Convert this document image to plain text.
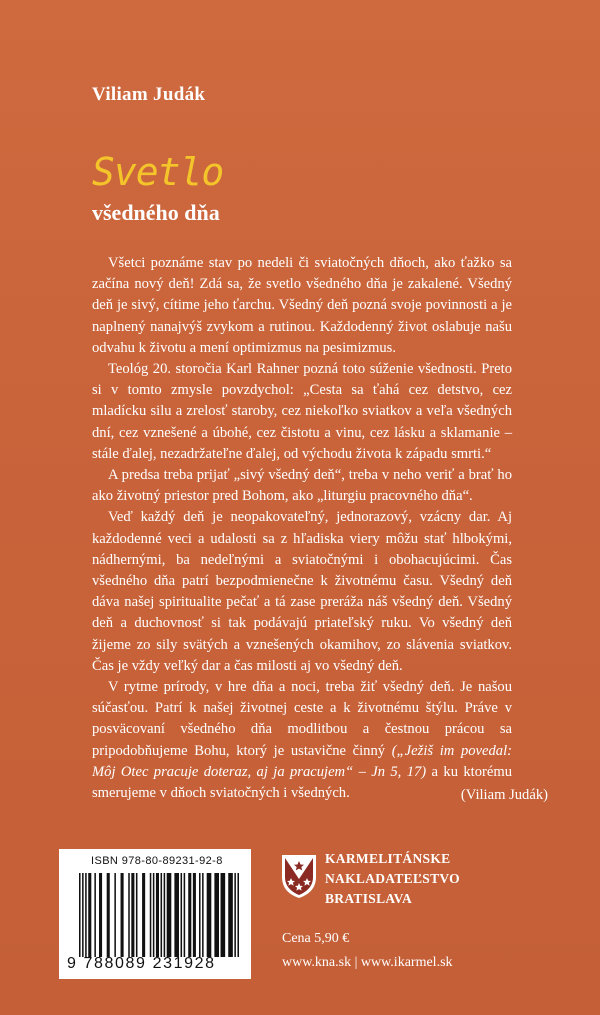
Viliam Judák
Svetlo
všedného dňa

Všetci poznáme stav po nedeli či sviatočných dňoch, ako ťažko sa začína nový deň! Zdá sa, že svetlo všedného dňa je zakalené. Všedný deň je sivý, cítime jeho ťarchu. Všedný deň pozná svoje povinnosti a je naplnený nanajvýš zvykom a rutinou. Každodenný život oslabuje našu odvahu k životu a mení optimizmus na pesimizmus.

Teológ 20. storočia Karl Rahner pozná toto súženie všednosti. Preto si v tomto zmysle povzdychol: „Cesta sa ťahá cez detstvo, cez mladícku silu a zrelosť staroby, cez niekoľko sviatkov a veľa všedných dní, cez vznešené a úbohé, cez čistotu a vinu, cez lásku a sklamanie – stále ďalej, nezadržateľne ďalej, od východu života k západu smrti.“

A predsa treba prijať „sivý všedný deň“, treba v neho veriť a brať ho ako životný priestor pred Bohom, ako „liturgiu pracovného dňa“.

Veď každý deň je neopakovateľný, jednorazový, vzácny dar. Aj každodenné veci a udalosti sa z hľadiska viery môžu stať hlbokými, nádhernými, ba nedeľnými a sviatočnými i obohacujúcimi. Čas všedného dňa patrí bezpodmienečne k životnému času. Všedný deň dáva našej spiritualite pečať a tá zase preráža náš všedný deň. Všedný deň a duchovnosť si tak podávajú priateľský ruku. Vo všedný deň žijeme zo sily svätých a vznešených okamihov, zo slávenia sviatkov. Čas je vždy veľký dar a čas milosti aj vo všedný deň.

V rytme prírody, v hre dňa a noci, treba žiť všedný deň. Je našou súčasťou. Patrí k našej životnej ceste a k životnému štýlu. Práve v posväcovaní všedného dňa modlitbou a čestnou prácou sa pripodobňujeme Bohu, ktorý je ustavične činný („Ježiš im povedal: Môj Otec pracuje doteraz, aj ja pracujem“ – Jn 5, 17) a ku ktorému smerujeme v dňoch sviatočných i všedných.	(Viliam Judák)
ISBN 978-80-89231-92-8
9 788089 231928
KARMELITÁNSKE
NAKLADATEĽSTVO
BRATISLAVA
Cena 5,90 €
www.kna.sk | www.ikarmel.sk
